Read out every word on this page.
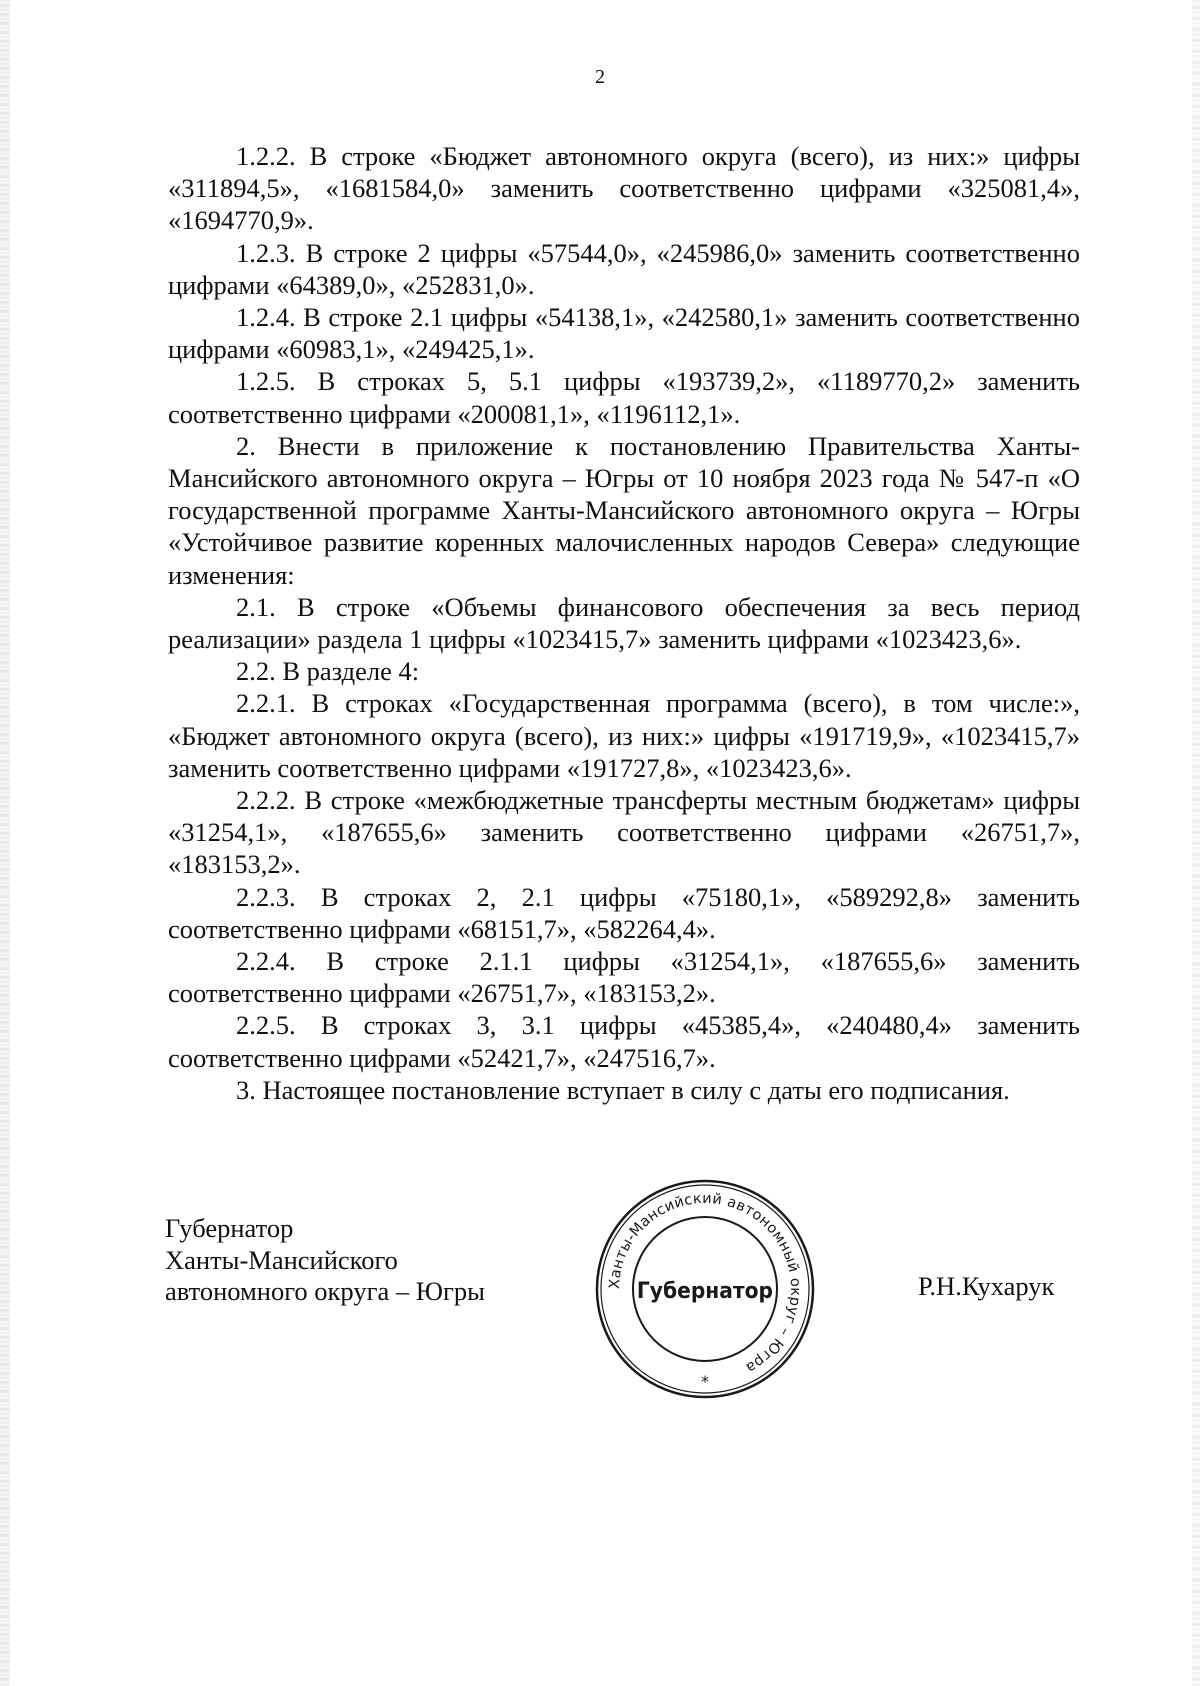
2

1.2.2. В строке «Бюджет автономного округа (всего), из них:» цифры «311894,5», «1681584,0» заменить соответственно цифрами «325081,4», «1694770,9».

1.2.3. В строке 2 цифры «57544,0», «245986,0» заменить соответственно цифрами «64389,0», «252831,0».

1.2.4. В строке 2.1 цифры «54138,1», «242580,1» заменить соответственно цифрами «60983,1», «249425,1».

1.2.5. В строках 5, 5.1 цифры «193739,2», «1189770,2» заменить соответственно цифрами «200081,1», «1196112,1».

2. Внести в приложение к постановлению Правительства Ханты-Мансийского автономного округа – Югры от 10 ноября 2023 года № 547-п «О государственной программе Ханты-Мансийского автономного округа – Югры «Устойчивое развитие коренных малочисленных народов Севера» следующие изменения:

2.1. В строке «Объемы финансового обеспечения за весь период реализации» раздела 1 цифры «1023415,7» заменить цифрами «1023423,6».

2.2. В разделе 4:

2.2.1. В строках «Государственная программа (всего), в том числе:», «Бюджет автономного округа (всего), из них:» цифры «191719,9», «1023415,7» заменить соответственно цифрами «191727,8», «1023423,6».

2.2.2. В строке «межбюджетные трансферты местным бюджетам» цифры «31254,1», «187655,6» заменить соответственно цифрами «26751,7», «183153,2».

2.2.3. В строках 2, 2.1 цифры «75180,1», «589292,8» заменить соответственно цифрами «68151,7», «582264,4».

2.2.4. В строке 2.1.1 цифры «31254,1», «187655,6» заменить соответственно цифрами «26751,7», «183153,2».

2.2.5. В строках 3, 3.1 цифры «45385,4», «240480,4» заменить соответственно цифрами «52421,7», «247516,7».

3. Настоящее постановление вступает в силу с даты его подписания.

Губернатор
Ханты-Мансийского
автономного округа – Югры	Ханты-Мансийский автономный округ – Югра
Губернатор
*
Р.Н.Кухарук
